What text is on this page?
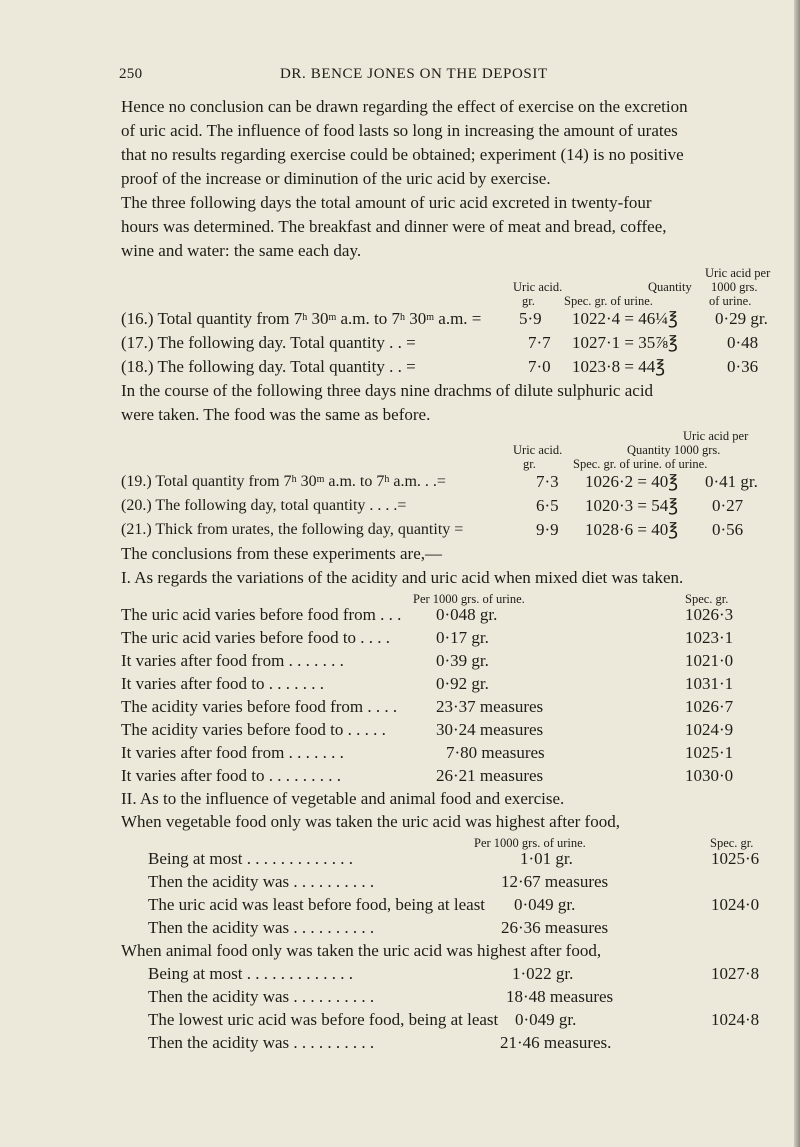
250	DR. BENCE JONES ON THE DEPOSIT
Hence no conclusion can be drawn regarding the effect of exercise on the excretion
of uric acid. The influence of food lasts so long in increasing the amount of urates
that no results regarding exercise could be obtained; experiment (14) is no positive
proof of the increase or diminution of the uric acid by exercise.
The three following days the total amount of uric acid excreted in twenty-four
hours was determined. The breakfast and dinner were of meat and bread, coffee,
wine and water: the same each day.
Uric acid per
1000 grs.
of urine.
Uric acid.
gr.
Quantity
Spec. gr. of urine.
(16.) Total quantity from 7$^h$ 30$^m$ a.m. to 7$^h$ 30$^m$ a.m. = 5·9 1022·4 = 46¼℥ 0·29 gr.
(17.) The following day. Total quantity . . =	7·7 1027·1 = 35⅞℥	0·48
(18.) The following day. Total quantity . . =	7·0 1023·8 = 44℥	0·36
In the course of the following three days nine drachms of dilute sulphuric acid
were taken. The food was the same as before.
Uric acid per
Uric acid.
gr.
Quantity 1000 grs.
Spec. gr. of urine. of urine.
(19.) Total quantity from 7$^h$ 30$^m$ a.m. to 7$^h$ a.m. . .=	7·3 1026·2 = 40℥ 0·41 gr.
(20.) The following day, total quantity . . . .=	6·5 1020·3 = 54℥ 0·27
(21.) Thick from urates, the following day, quantity =	9·9 1028·6 = 40℥ 0·56
The conclusions from these experiments are,—
I. As regards the variations of the acidity and uric acid when mixed diet was taken.
Per 1000 grs. of urine.	Spec. gr.
The uric acid varies before food from . . . 0·048 gr.	1026·3
The uric acid varies before food to . . . .	0·17 gr.	1023·1
It varies after food from . . . . . . .	0·39 gr.	1021·0
It varies after food to . . . . . . .	0·92 gr.	1031·1
The acidity varies before food from . . . . 23·37 measures	1026·7
The acidity varies before food to . . . . .	30·24 measures	1024·9
It varies after food from . . . . . . .	7·80 measures	1025·1
It varies after food to . . . . . . . . .	26·21 measures	1030·0
II. As to the influence of vegetable and animal food and exercise.
When vegetable food only was taken the uric acid was highest after food,
Per 1000 grs. of urine.	Spec. gr.
Being at most . . . . . . . . . . . . .	1·01 gr.	1025·6
Then the acidity was . . . . . . . . . .	12·67 measures
The uric acid was least before food, being at least 0·049 gr.	1024·0
Then the acidity was . . . . . . . . . .	26·36 measures
When animal food only was taken the uric acid was highest after food,
Being at most . . . . . . . . . . . . .	1·022 gr.	1027·8
Then the acidity was . . . . . . . . . .	18·48 measures
The lowest uric acid was before food, being at least 0·049 gr.	1024·8
Then the acidity was . . . . . . . . . .	21·46 measures.
